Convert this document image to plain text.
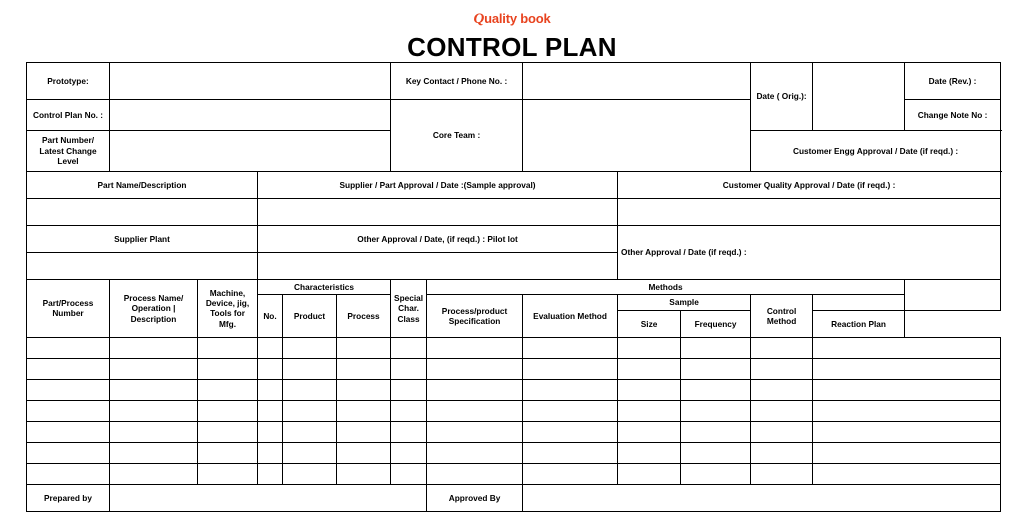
Quality book
CONTROL PLAN
Prototype:						Key Contact / Phone No. :					Date ( Orig.):		Date (Rev.) :	
Control Plan No. :						Core Team :							Change Note No :	
Part Number/ Latest Change Level											Customer Engg Approval / Date (if reqd.) :			
Part Name/Description			Supplier / Part Approval / Date :(Sample approval)						Customer Quality Approval / Date (if reqd.) :					

Supplier Plant			Other Approval / Date, (if reqd.) : Pilot lot						Other Approval / Date (if reqd.) :					

Part/Process Number	Process Name/ Operation | Description	Machine, Device, jig, Tools for Mfg.	Characteristics			Special Char. Class	Methods							
			No.	Product	Process		Process/product Specification	Evaluation Method	Sample		Control Method			
									Size	Frequency		Reaction Plan		

Prepared by							Approved By							
